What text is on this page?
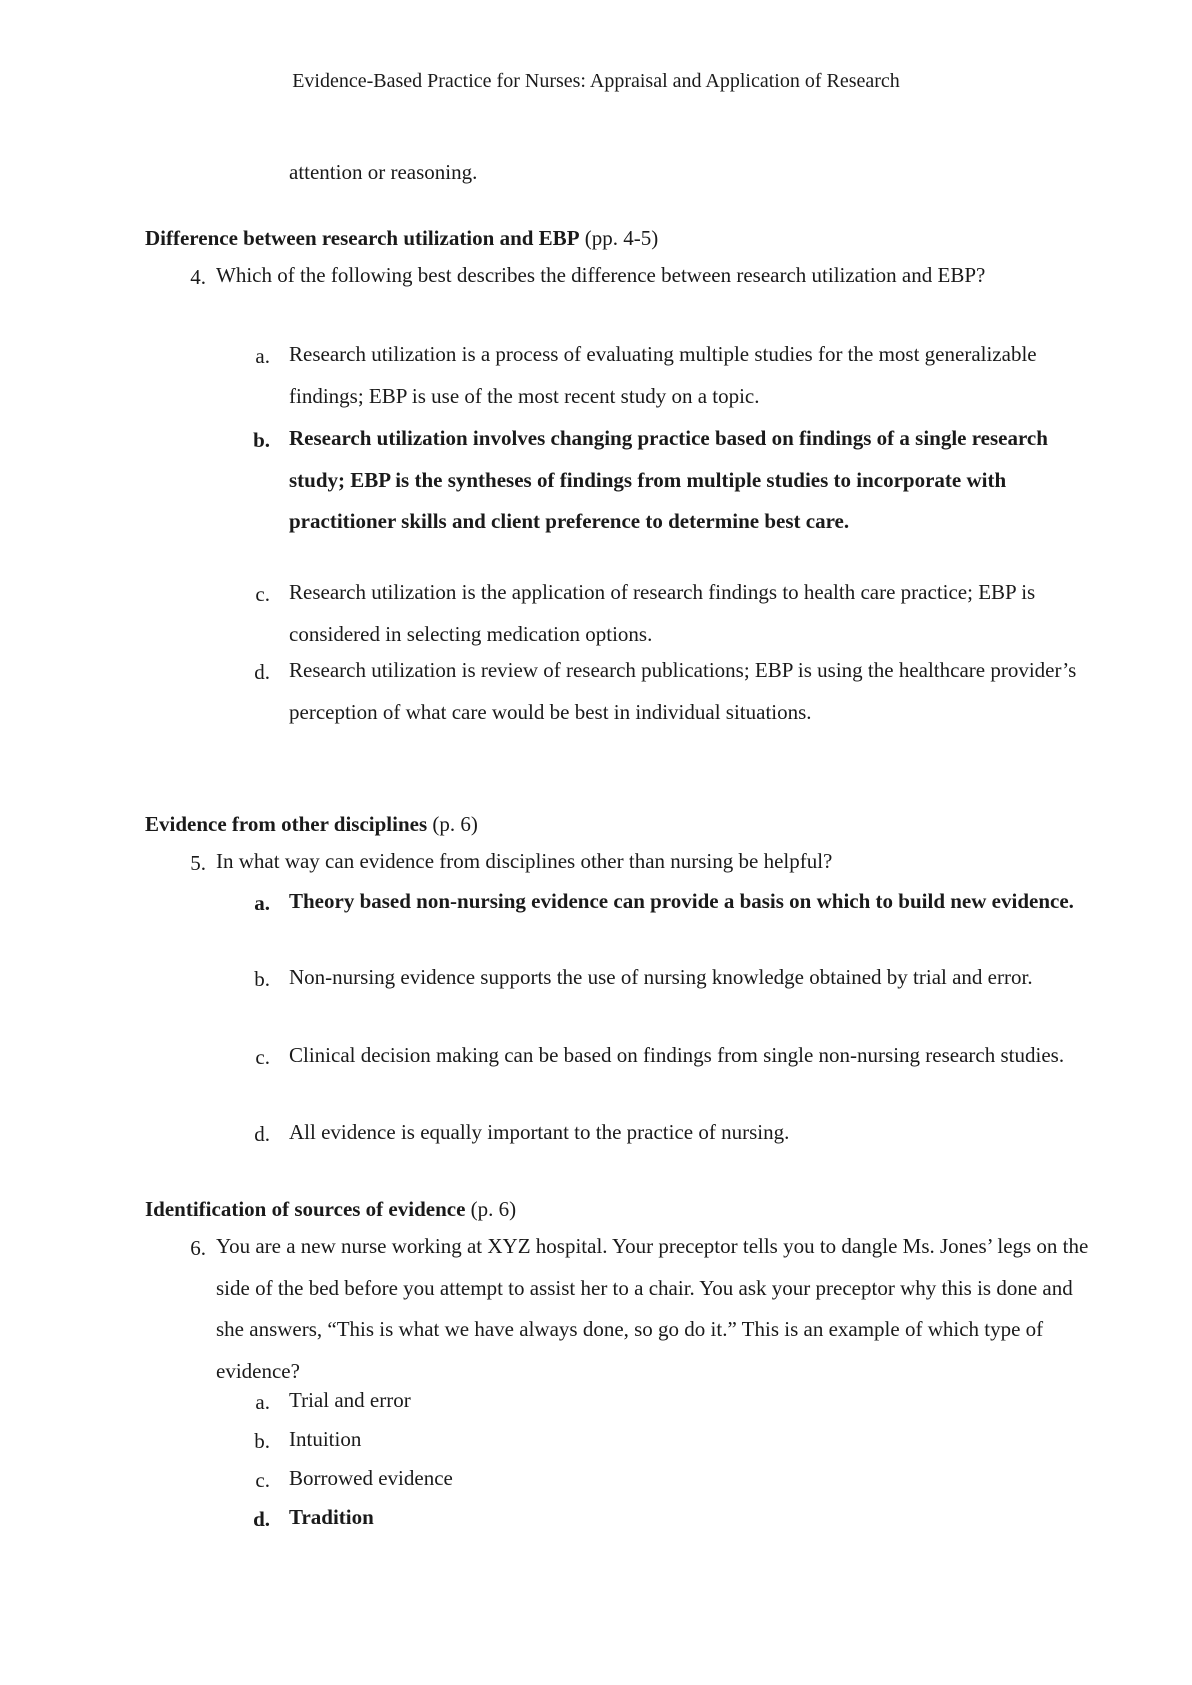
Evidence-Based Practice for Nurses: Appraisal and Application of Research
attention or reasoning.
Difference between research utilization and EBP (pp. 4-5)
4. Which of the following best describes the difference between research utilization and EBP?
a. Research utilization is a process of evaluating multiple studies for the most generalizable findings; EBP is use of the most recent study on a topic.
b. Research utilization involves changing practice based on findings of a single research study; EBP is the syntheses of findings from multiple studies to incorporate with practitioner skills and client preference to determine best care.
c. Research utilization is the application of research findings to health care practice; EBP is considered in selecting medication options.
d. Research utilization is review of research publications; EBP is using the healthcare provider’s perception of what care would be best in individual situations.
Evidence from other disciplines (p. 6)
5. In what way can evidence from disciplines other than nursing be helpful?
a. Theory based non-nursing evidence can provide a basis on which to build new evidence.
b. Non-nursing evidence supports the use of nursing knowledge obtained by trial and error.
c. Clinical decision making can be based on findings from single non-nursing research studies.
d. All evidence is equally important to the practice of nursing.
Identification of sources of evidence (p. 6)
6. You are a new nurse working at XYZ hospital. Your preceptor tells you to dangle Ms. Jones’ legs on the side of the bed before you attempt to assist her to a chair. You ask your preceptor why this is done and she answers, “This is what we have always done, so go do it.” This is an example of which type of evidence?
a. Trial and error
b. Intuition
c. Borrowed evidence
d. Tradition
